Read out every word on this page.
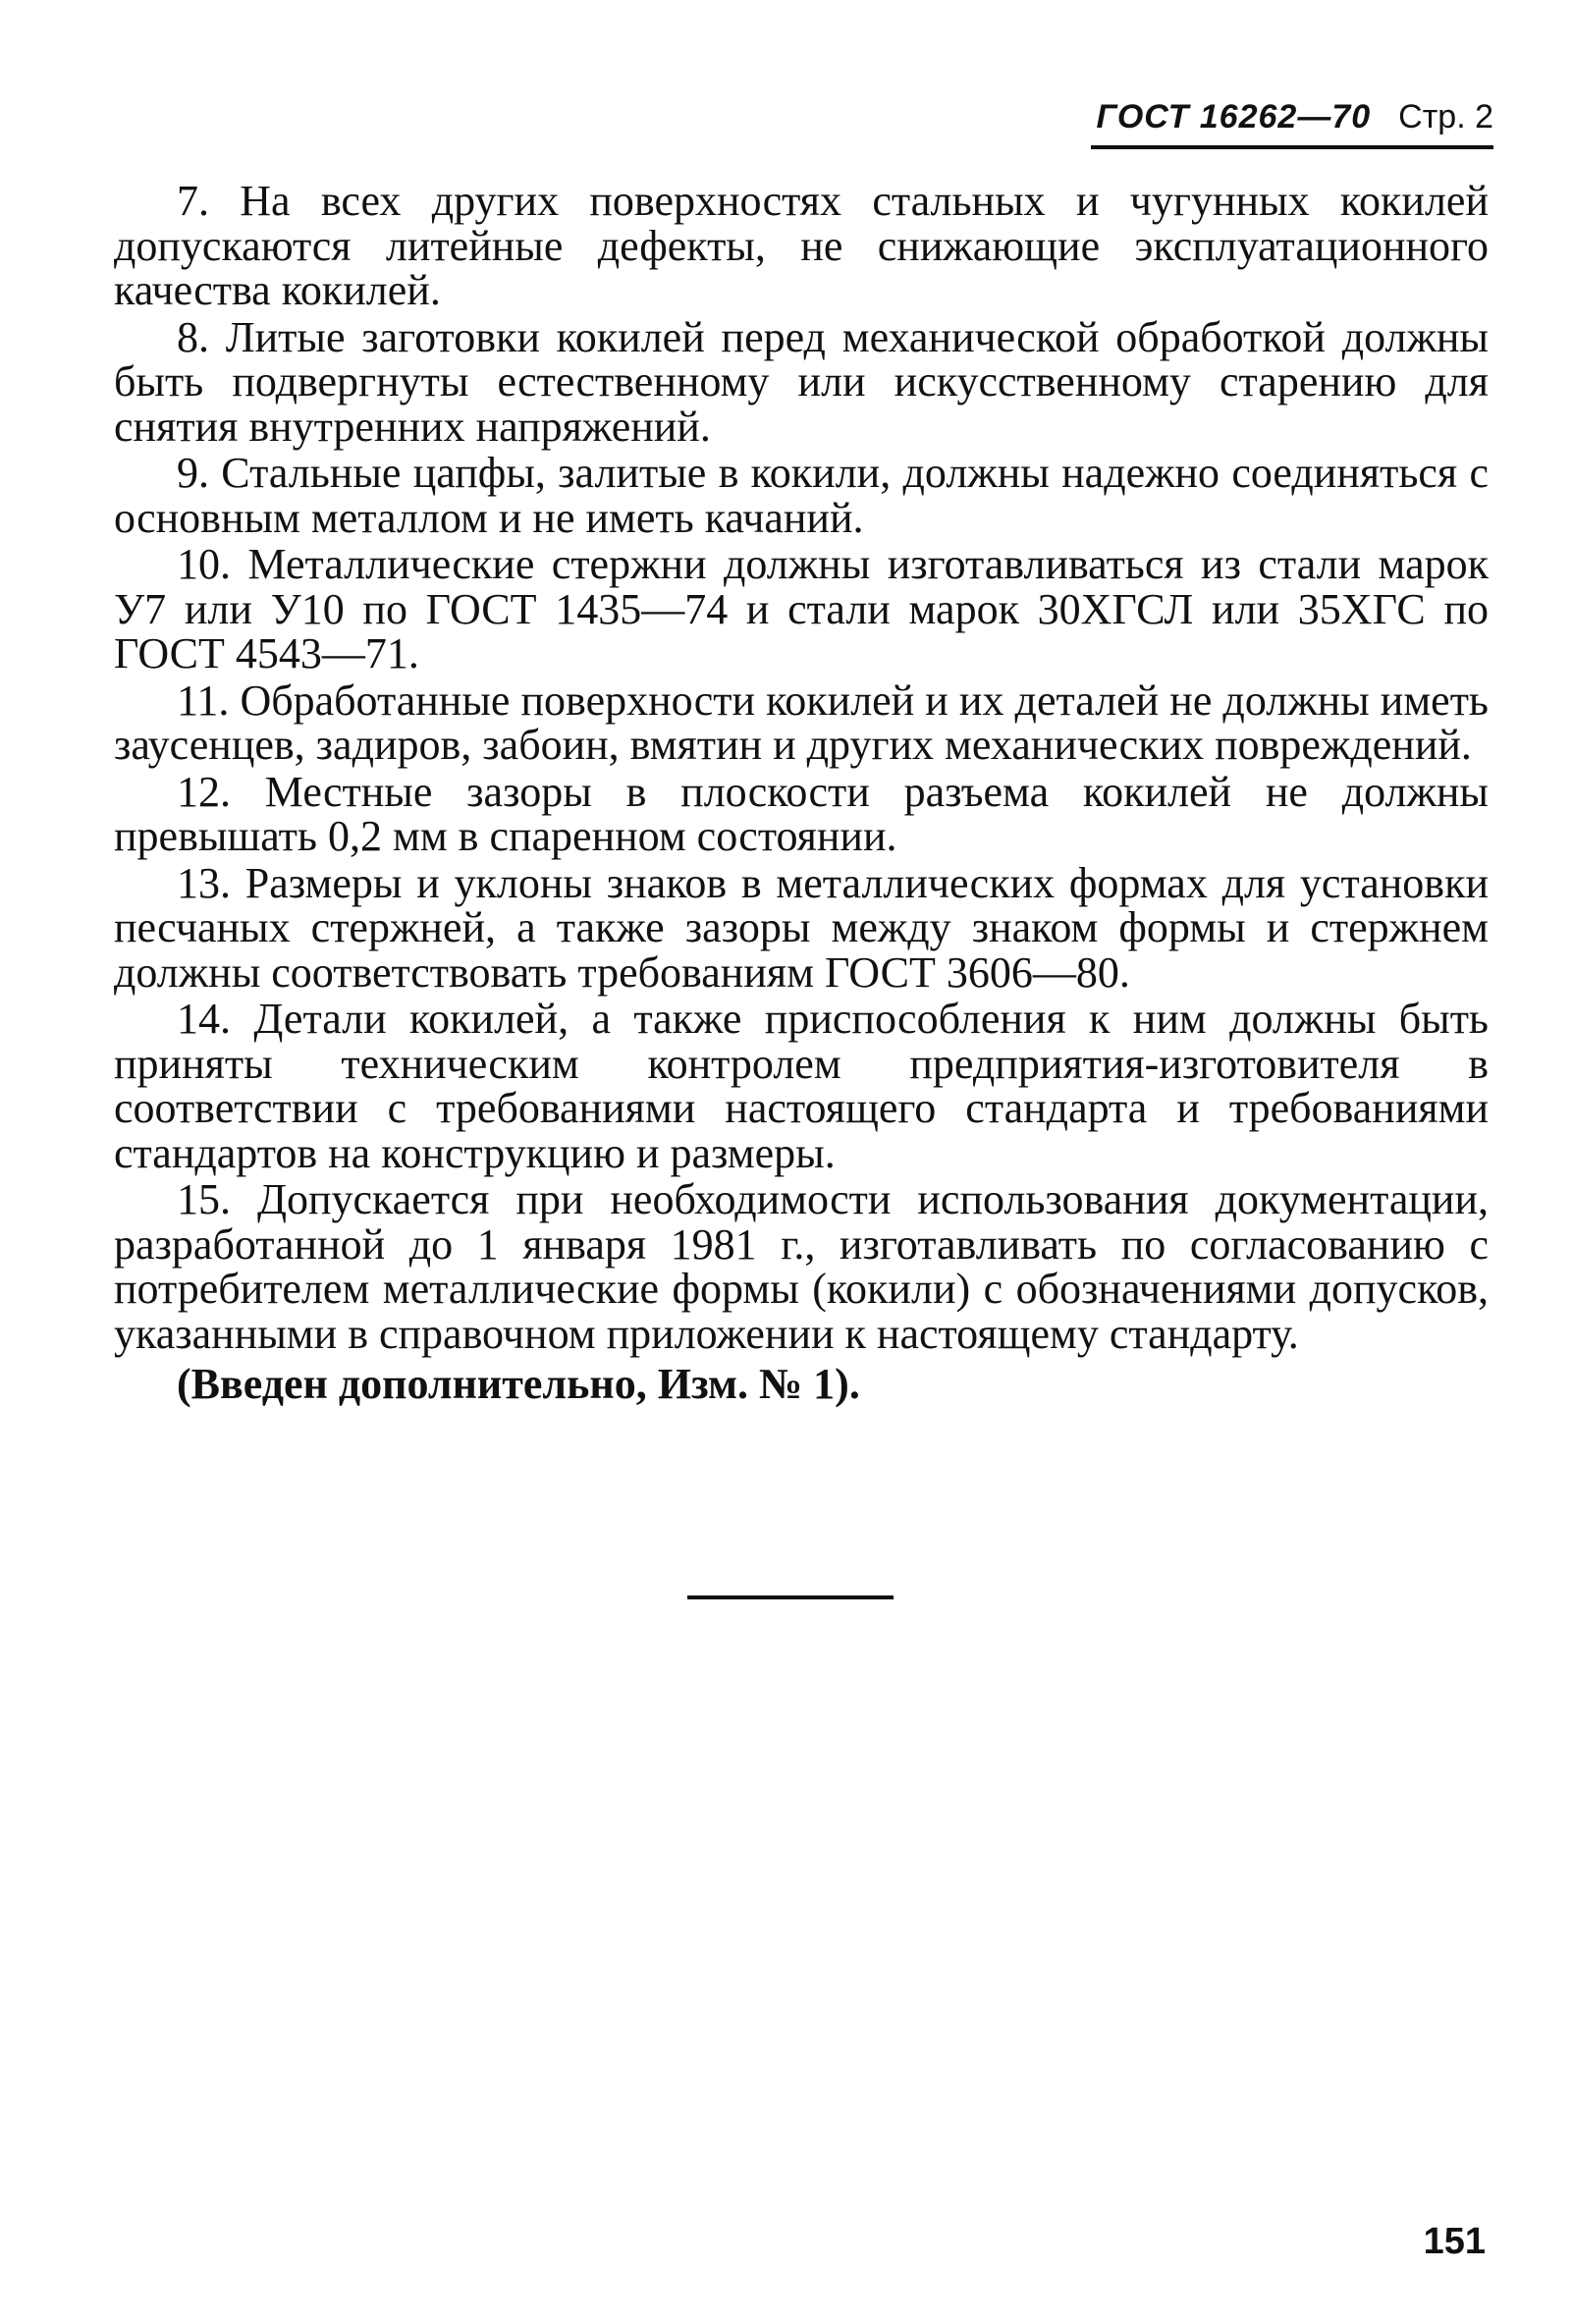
ГОСТ 16262—70 Стр. 2

7. На всех других поверхностях стальных и чугунных кокилей допускаются литейные дефекты, не снижающие эксплуатационного качества кокилей.

8. Литые заготовки кокилей перед механической обработкой должны быть подвергнуты естественному или искусственному старению для снятия внутренних напряжений.

9. Стальные цапфы, залитые в кокили, должны надежно соединяться с основным металлом и не иметь качаний.

10. Металлические стержни должны изготавливаться из стали марок У7 или У10 по ГОСТ 1435—74 и стали марок 30ХГСЛ или 35ХГС по ГОСТ 4543—71.

11. Обработанные поверхности кокилей и их деталей не должны иметь заусенцев, задиров, забоин, вмятин и других механических повреждений.

12. Местные зазоры в плоскости разъема кокилей не должны превышать 0,2 мм в спаренном состоянии.

13. Размеры и уклоны знаков в металлических формах для установки песчаных стержней, а также зазоры между знаком формы и стержнем должны соответствовать требованиям ГОСТ 3606—80.

14. Детали кокилей, а также приспособления к ним должны быть приняты техническим контролем предприятия-изготовителя в соответствии с требованиями настоящего стандарта и требованиями стандартов на конструкцию и размеры.

15. Допускается при необходимости использования документации, разработанной до 1 января 1981 г., изготавливать по согласованию с потребителем металлические формы (кокили) с обозначениями допусков, указанными в справочном приложении к настоящему стандарту.

(Введен дополнительно, Изм. № 1).

151
